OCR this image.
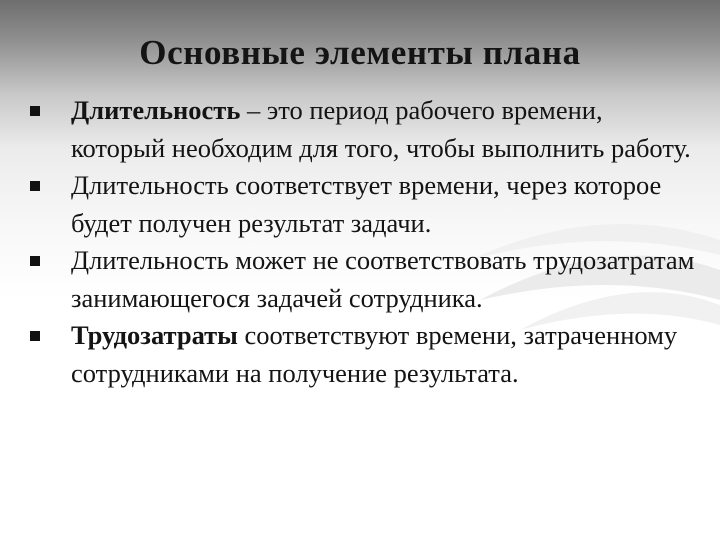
Основные элементы плана
Длительность – это период рабочего времени, который необходим для того, чтобы выполнить работу.
Длительность соответствует времени, через которое будет получен результат задачи.
Длительность может не соответствовать трудозатратам занимающегося задачей сотрудника.
Трудозатраты соответствуют времени, затраченному сотрудниками на получение результата.
